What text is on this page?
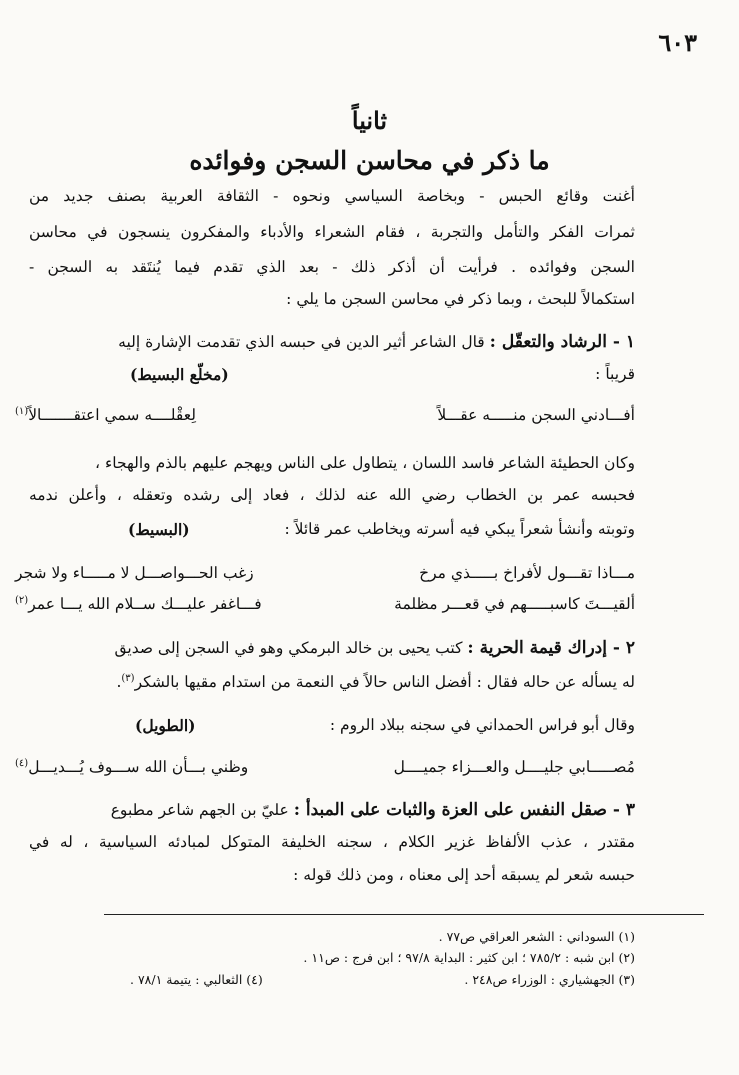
٦٠٣
ثانياً
ما ذكر في محاسن السجن وفوائده
أغنت وقائع الحبس - وبخاصة السياسي ونحوه - الثقافة العربية بصنف جديد من
ثمرات الفكر والتأمل والتجربة ، فقام الشعراء والأدباء والمفكرون ينسجون في محاسن
السجن وفوائده . فرأيت أن أذكر ذلك - بعد الذي تقدم فيما يُنتَقد به السجن -
استكمالاً للبحث ، وبما ذكر في محاسن السجن ما يلي :
١ - الرشاد والتعقّل : قال الشاعر أثير الدين في حبسه الذي تقدمت الإشارة إليه
قريباً :
(مخلّع البسيط)
أفـــادني السجن منـــــه عقـــلاً
لِعقْلــــه سمي اعتقـــــــالاً$^{(١)}$
وكان الحطيئة الشاعر فاسد اللسان ، يتطاول على الناس ويهجم عليهم بالذم والهجاء ،
فحبسه عمر بن الخطاب رضي الله عنه لذلك ، فعاد إلى رشده وتعقله ، وأعلن ندمه
وتوبته وأنشأ شعراً يبكي فيه أسرته ويخاطب عمر قائلاً :
(البسيط)
مـــاذا تقـــول لأفراخ بـــــذي مرخ
زغب الحـــواصـــل لا مـــــاء ولا شجر
ألقيـــتَ كاسبـــــهم في قعـــر مظلمة
فـــاغفر عليـــك ســلام الله يـــا عمر$^{(٢)}$
٢ - إدراك قيمة الحرية : كتب يحيى بن خالد البرمكي وهو في السجن إلى صديق
له يسأله عن حاله فقال : أفضل الناس حالاً في النعمة من استدام مقيها بالشكر$^{(٣)}$.
وقال أبو فراس الحمداني في سجنه ببلاد الروم :
(الطويل)
مُصـــــابي جليــــل والعـــزاء جميــــل
وظني بـــأن الله ســـوف يُـــديـــل$^{(٤)}$
٣ - صقل النفس على العزة والثبات على المبدأ : عليّ بن الجهم شاعر مطبوع
مقتدر ، عذب الألفاظ غزير الكلام ، سجنه الخليفة المتوكل لمبادئه السياسية ، له في
حبسه شعر لم يسبقه أحد إلى معناه ، ومن ذلك قوله :
(١) السوداني : الشعر العراقي ص٧٧ .
(٢) ابن شبه : ٧٨٥/٢ ؛ ابن كثير : البداية ٩٧/٨ ؛ ابن فرج : ص١١ .
(٣) الجهشياري : الوزراء ص٢٤٨ .
(٤) الثعالبي : يتيمة ٧٨/١ .
